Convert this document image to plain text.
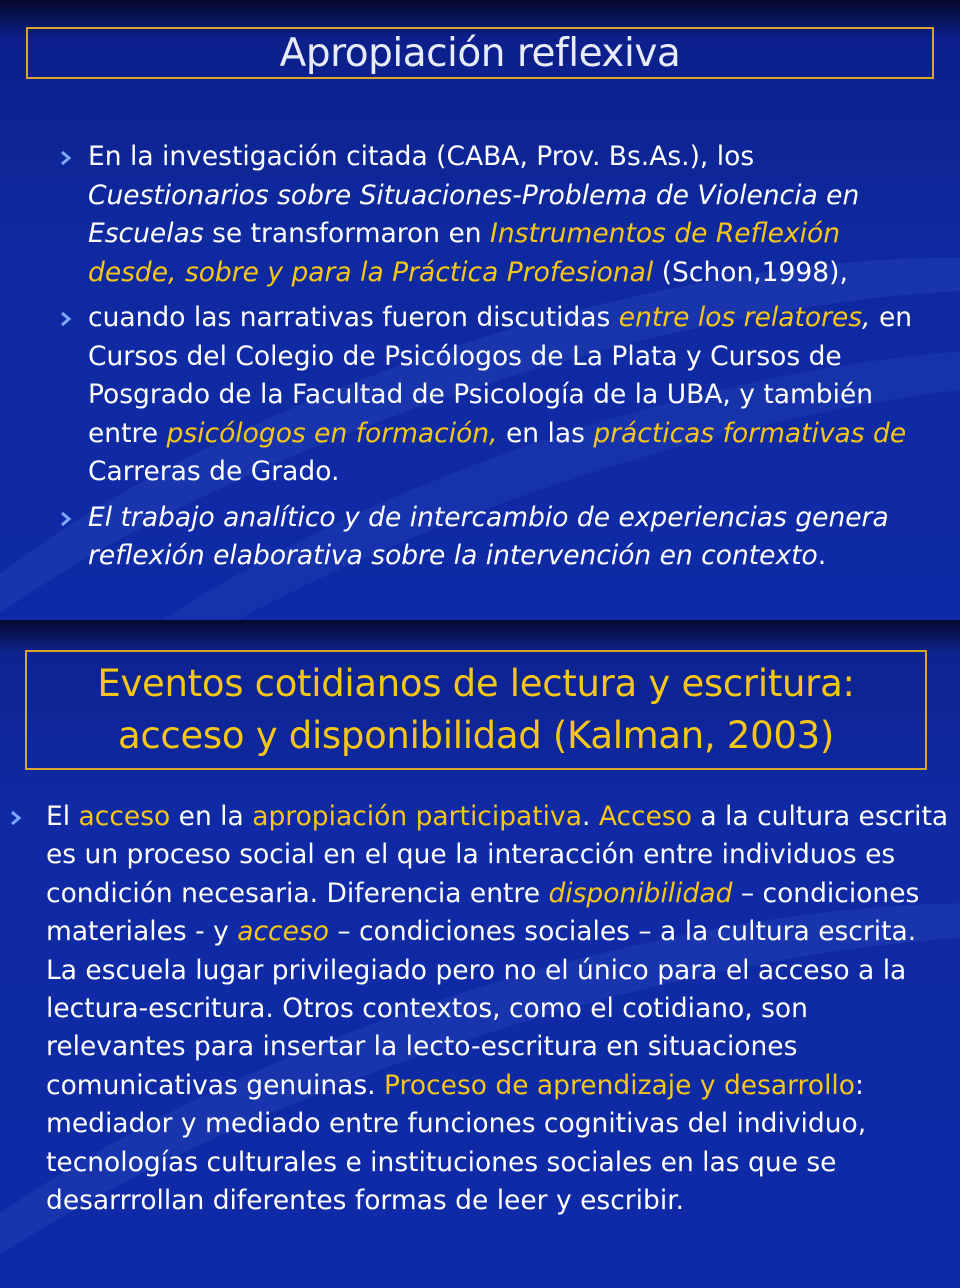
Apropiación reflexiva
En la investigación citada (CABA, Prov. Bs.As.), los Cuestionarios sobre Situaciones-Problema de Violencia en Escuelas se transformaron en Instrumentos de Reflexión desde, sobre y para la Práctica Profesional (Schon,1998),
cuando las narrativas fueron discutidas entre los relatores, en Cursos del Colegio de Psicólogos de La Plata y Cursos de Posgrado de la Facultad de Psicología de la UBA, y también entre psicólogos en formación, en las prácticas formativas de Carreras de Grado.
El trabajo analítico y de intercambio de experiencias genera reflexión elaborativa sobre la intervención en contexto.
Eventos cotidianos de lectura y escritura:
acceso y disponibilidad (Kalman, 2003)
El acceso en la apropiación participativa. Acceso a la cultura escrita es un proceso social en el que la interacción entre individuos es condición necesaria. Diferencia entre disponibilidad – condiciones materiales - y acceso – condiciones sociales – a la cultura escrita. La escuela lugar privilegiado pero no el único para el acceso a la lectura-escritura. Otros contextos, como el cotidiano, son relevantes para insertar la lecto-escritura en situaciones comunicativas genuinas. Proceso de aprendizaje y desarrollo: mediador y mediado entre funciones cognitivas del individuo, tecnologías culturales e instituciones sociales en las que se desarrrollan diferentes formas de leer y escribir.
